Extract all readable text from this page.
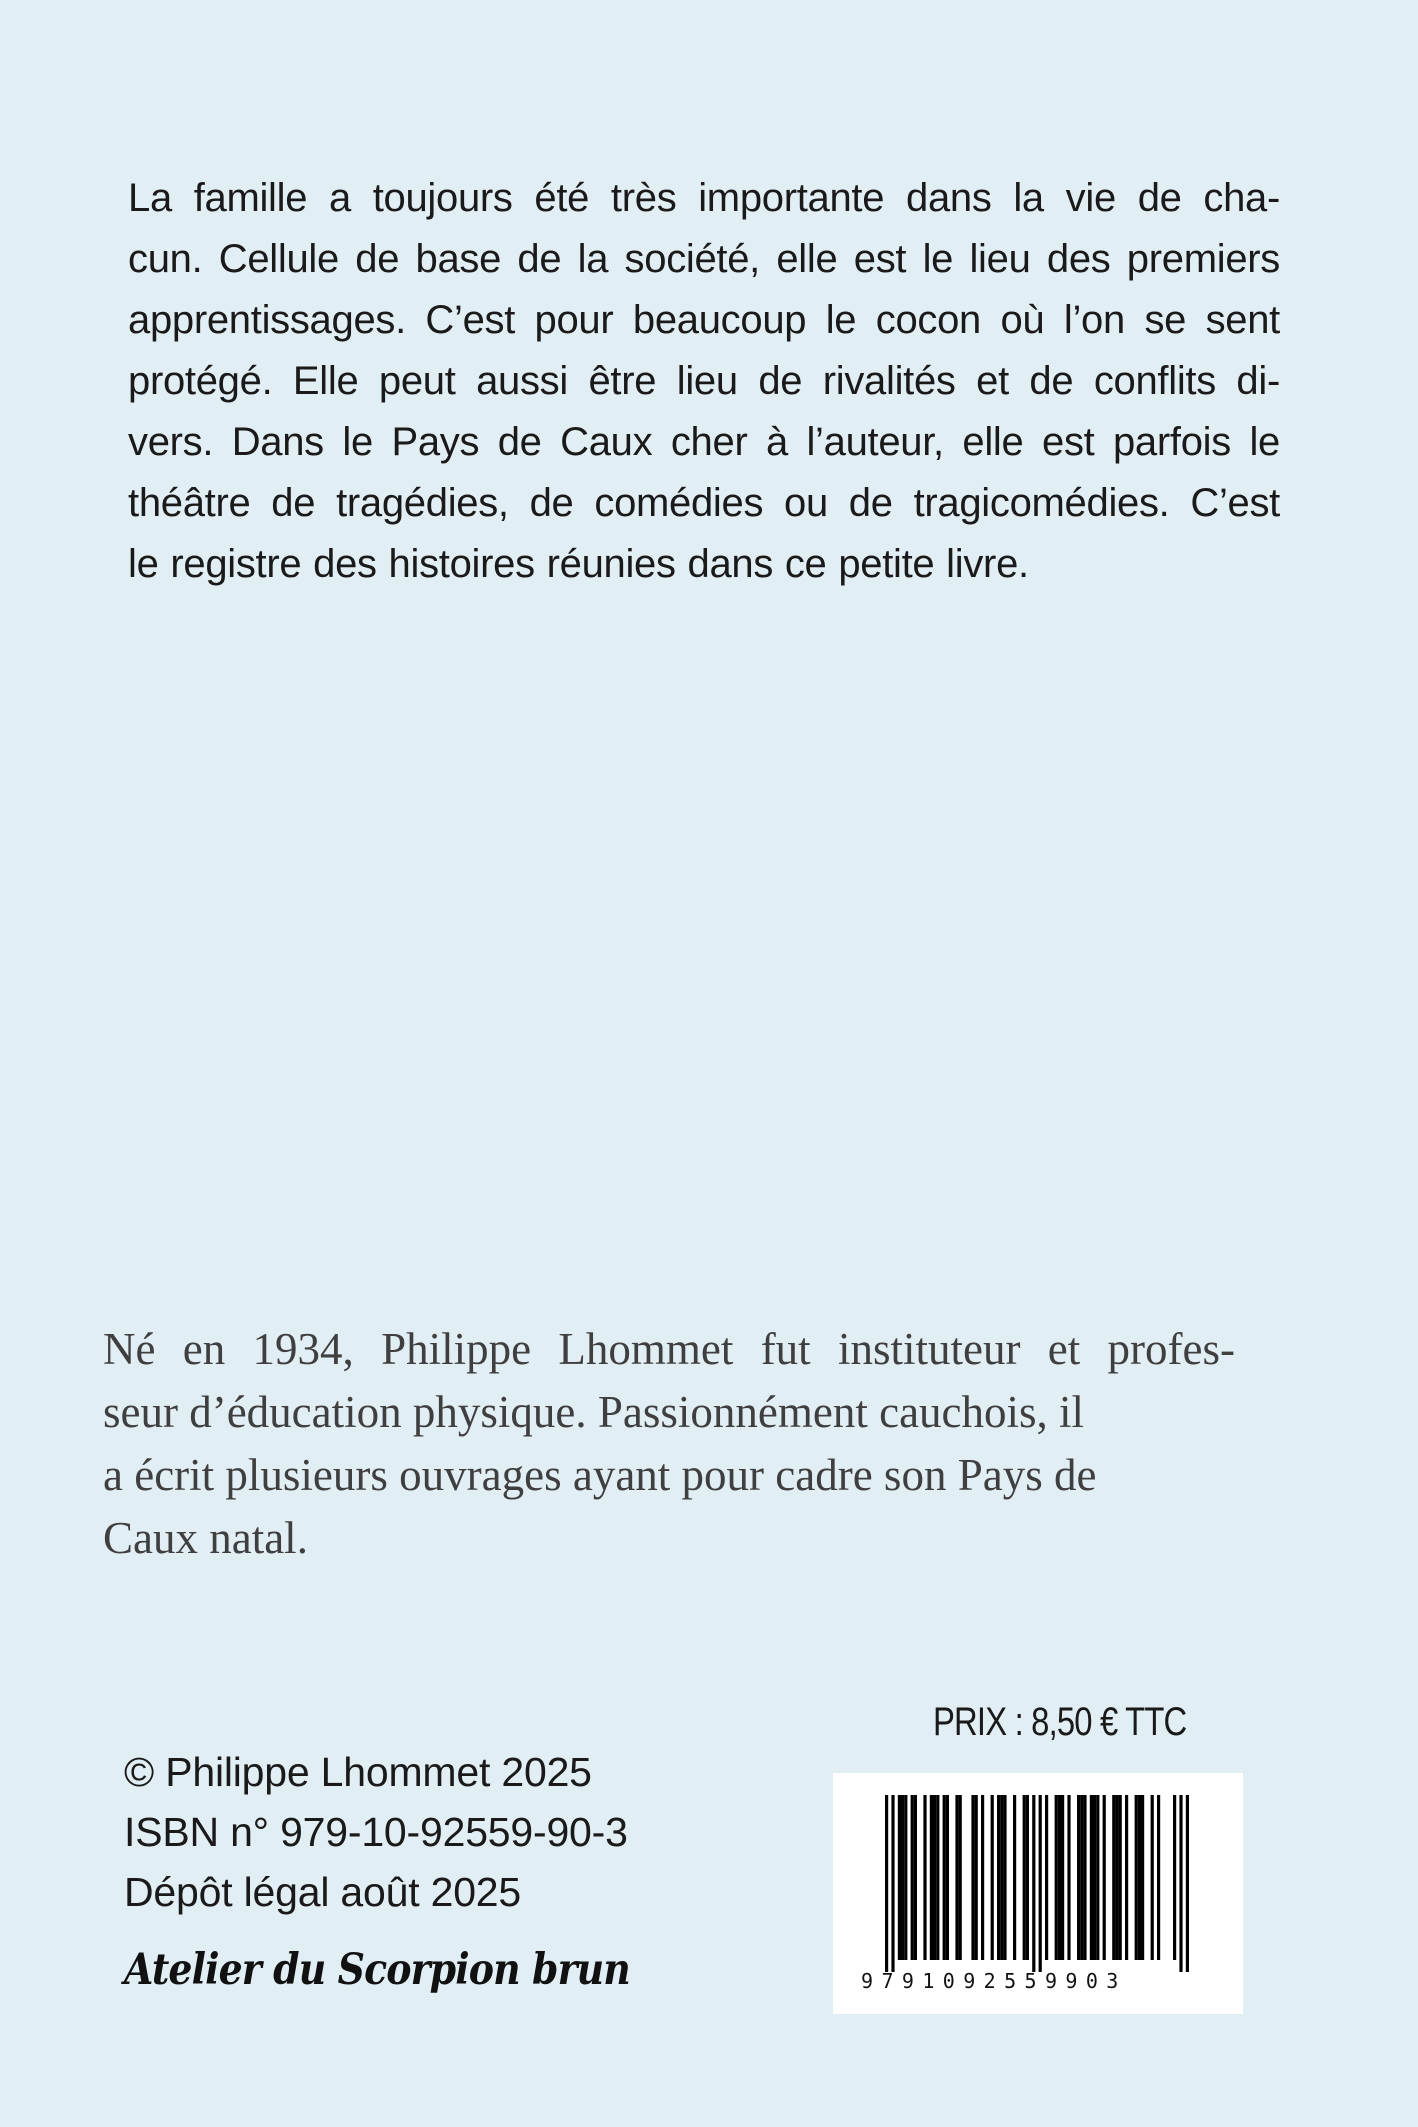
La famille a toujours été très importante dans la vie de cha-
cun. Cellule de base de la société, elle est le lieu des premiers
apprentissages. C’est pour beaucoup le cocon où l’on se sent
protégé. Elle peut aussi être lieu de rivalités et de conflits di-
vers. Dans le Pays de Caux cher à l’auteur, elle est parfois le
théâtre de tragédies, de comédies ou de tragicomédies. C’est
le registre des histoires réunies dans ce petite livre.

Né en 1934, Philippe Lhommet fut instituteur et profes-
seur d’éducation physique. Passionnément cauchois, il
a écrit plusieurs ouvrages ayant pour cadre son Pays de
Caux natal.

© Philippe Lhommet 2025
ISBN n° 979-10-92559-90-3
Dépôt légal août 2025
Atelier du Scorpion brun
PRIX : 8,50 € TTC
9791092559903
